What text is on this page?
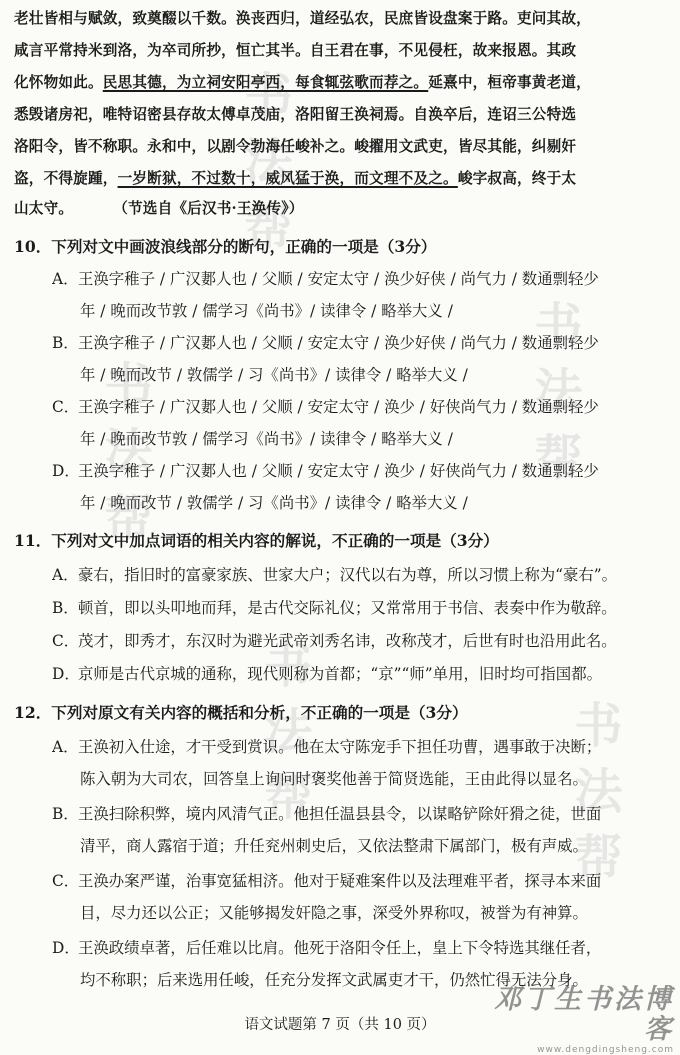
书法帮
书法帮	书法帮
书法帮	书法帮
老壮皆相与赋敛，致奠醊以千数。涣丧西归，道经弘农，民庶皆设盘案于路。吏问其故，
咸言平常持米到洛，为卒司所抄，恒亡其半。自王君在事，不见侵枉，故来报恩。其政
化怀物如此。民思其德，为立祠安阳亭西，每食辄弦歌而荐之。延熹中，桓帝事黄老道，
悉毁诸房祀，唯特诏密县存故太傅卓茂庙，洛阳留王涣祠焉。自涣卒后，连诏三公特选
洛阳令，皆不称职。永和中，以剧令勃海任峻补之。峻擢用文武吏，皆尽其能，纠剔奸
盗，不得旋踵，一岁断狱，不过数十，威风猛于涣，而文理不及之。峻字叔高，终于太
山太守。	（节选自《后汉书·王涣传》）
10．下列对文中画波浪线部分的断句，正确的一项是（3分）
A．王涣字稚子 / 广汉郪人也 / 父顺 / 安定太守 / 涣少好侠 / 尚气力 / 数通剽轻少
年 / 晚而改节敦 / 儒学习《尚书》/ 读律令 / 略举大义 /
B．王涣字稚子 / 广汉郪人也 / 父顺 / 安定太守 / 涣少好侠 / 尚气力 / 数通剽轻少
年 / 晚而改节 / 敦儒学 / 习《尚书》/ 读律令 / 略举大义 /
C．王涣字稚子 / 广汉郪人也 / 父顺 / 安定太守 / 涣少 / 好侠尚气力 / 数通剽轻少
年 / 晚而改节敦 / 儒学习《尚书》/ 读律令 / 略举大义 /
D．王涣字稚子 / 广汉郪人也 / 父顺 / 安定太守 / 涣少 / 好侠尚气力 / 数通剽轻少
年 / 晚而改节 / 敦儒学 / 习《尚书》/ 读律令 / 略举大义 /
11．下列对文中加点词语的相关内容的解说，不正确的一项是（3分）
A．豪右，指旧时的富豪家族、世家大户；汉代以右为尊，所以习惯上称为“豪右”。
B．顿首，即以头叩地而拜，是古代交际礼仪；又常常用于书信、表奏中作为敬辞。
C．茂才，即秀才，东汉时为避光武帝刘秀名讳，改称茂才，后世有时也沿用此名。
D．京师是古代京城的通称，现代则称为首都；“京”“师”单用，旧时均可指国都。
12．下列对原文有关内容的概括和分析，不正确的一项是（3分）
A．王涣初入仕途，才干受到赏识。他在太守陈宠手下担任功曹，遇事敢于决断；
陈入朝为大司农，回答皇上询问时褒奖他善于简贤选能，王由此得以显名。
B．王涣扫除积弊，境内风清气正。他担任温县县令，以谋略铲除奸猾之徒，世面
清平，商人露宿于道；升任兖州刺史后，又依法整肃下属部门，极有声威。
C．王涣办案严谨，治事宽猛相济。他对于疑难案件以及法理难平者，探寻本来面
目，尽力还以公正；又能够揭发奸隐之事，深受外界称叹，被誉为有神算。
D．王涣政绩卓著，后任难以比肩。他死于洛阳令任上，皇上下令特选其继任者，
均不称职；后来选用任峻，任充分发挥文武属吏才干，仍然忙得无法分身。
语文试题第 7 页（共 10 页）
邓丁生书法博客
www.dengdingsheng.com
